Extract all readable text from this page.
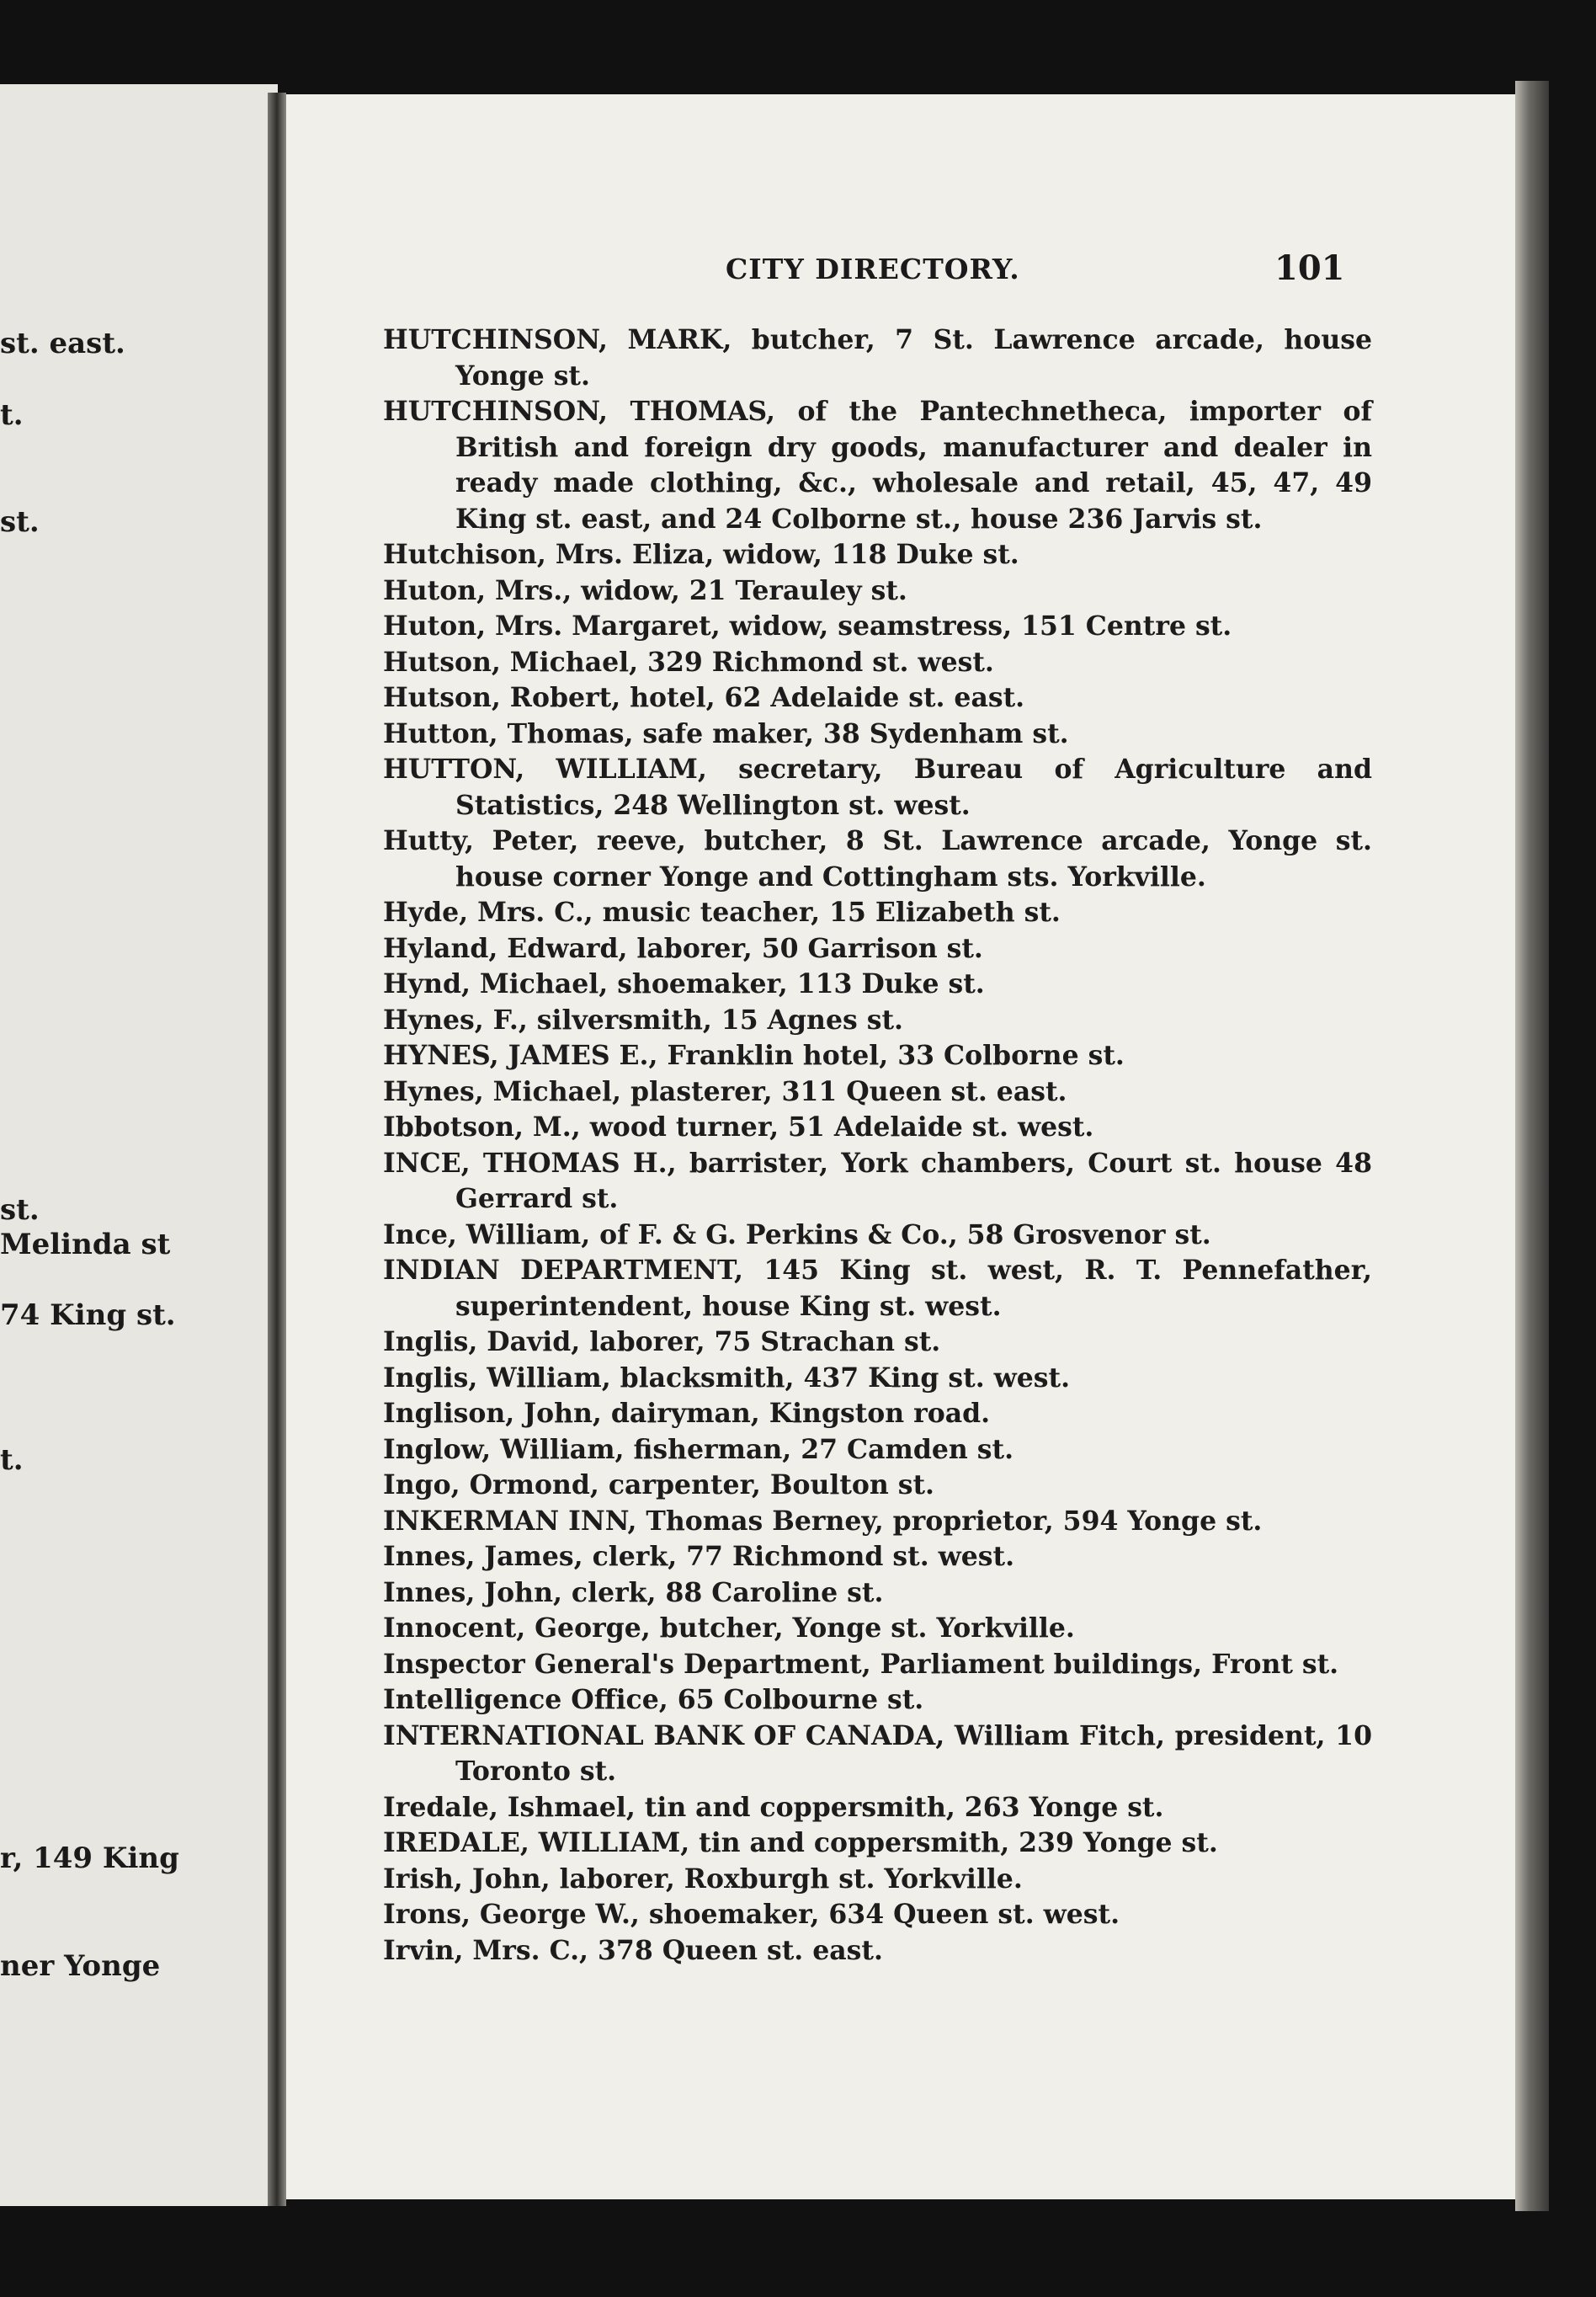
st. east.
t.
st.
st.
Melinda st
74 King st.
t.
r, 149 King
ner Yonge
CITY DIRECTORY.	101
HUTCHINSON, MARK, butcher, 7 St. Lawrence arcade, house Yonge st.
HUTCHINSON, THOMAS, of the Pantechnetheca, importer of British and foreign dry goods, manufacturer and dealer in ready made clothing, &c., wholesale and retail, 45, 47, 49 King st. east, and 24 Colborne st., house 236 Jarvis st.
Hutchison, Mrs. Eliza, widow, 118 Duke st.
Huton, Mrs., widow, 21 Terauley st.
Huton, Mrs. Margaret, widow, seamstress, 151 Centre st.
Hutson, Michael, 329 Richmond st. west.
Hutson, Robert, hotel, 62 Adelaide st. east.
Hutton, Thomas, safe maker, 38 Sydenham st.
HUTTON, WILLIAM, secretary, Bureau of Agriculture and Statistics, 248 Wellington st. west.
Hutty, Peter, reeve, butcher, 8 St. Lawrence arcade, Yonge st. house corner Yonge and Cottingham sts. Yorkville.
Hyde, Mrs. C., music teacher, 15 Elizabeth st.
Hyland, Edward, laborer, 50 Garrison st.
Hynd, Michael, shoemaker, 113 Duke st.
Hynes, F., silversmith, 15 Agnes st.
HYNES, JAMES E., Franklin hotel, 33 Colborne st.
Hynes, Michael, plasterer, 311 Queen st. east.
Ibbotson, M., wood turner, 51 Adelaide st. west.
INCE, THOMAS H., barrister, York chambers, Court st. house 48 Gerrard st.
Ince, William, of F. & G. Perkins & Co., 58 Grosvenor st.
INDIAN DEPARTMENT, 145 King st. west, R. T. Pennefather, superintendent, house King st. west.
Inglis, David, laborer, 75 Strachan st.
Inglis, William, blacksmith, 437 King st. west.
Inglison, John, dairyman, Kingston road.
Inglow, William, fisherman, 27 Camden st.
Ingo, Ormond, carpenter, Boulton st.
INKERMAN INN, Thomas Berney, proprietor, 594 Yonge st.
Innes, James, clerk, 77 Richmond st. west.
Innes, John, clerk, 88 Caroline st.
Innocent, George, butcher, Yonge st. Yorkville.
Inspector General's Department, Parliament buildings, Front st.
Intelligence Office, 65 Colbourne st.
INTERNATIONAL BANK OF CANADA, William Fitch, president, 10 Toronto st.
Iredale, Ishmael, tin and coppersmith, 263 Yonge st.
IREDALE, WILLIAM, tin and coppersmith, 239 Yonge st.
Irish, John, laborer, Roxburgh st. Yorkville.
Irons, George W., shoemaker, 634 Queen st. west.
Irvin, Mrs. C., 378 Queen st. east.
